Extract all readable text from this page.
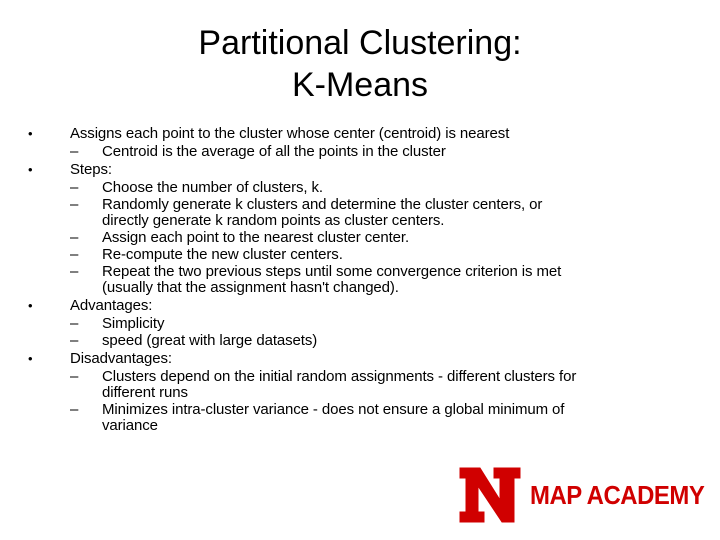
Partitional Clustering:
K-Means
•	Assigns each point to the cluster whose center (centroid) is nearest
– Centroid is the average of all the points in the cluster
•	Steps:
– Choose the number of clusters, k.
– Randomly generate k clusters and determine the cluster centers, or
directly generate k random points as cluster centers.
– Assign each point to the nearest cluster center.
– Re-compute the new cluster centers.
– Repeat the two previous steps until some convergence criterion is met
(usually that the assignment hasn't changed).
•	Advantages:
– Simplicity
– speed (great with large datasets)
•	Disadvantages:
– Clusters depend on the initial random assignments - different clusters for
different runs
– Minimizes intra-cluster variance - does not ensure a global minimum of
variance
MAP ACADEMY
